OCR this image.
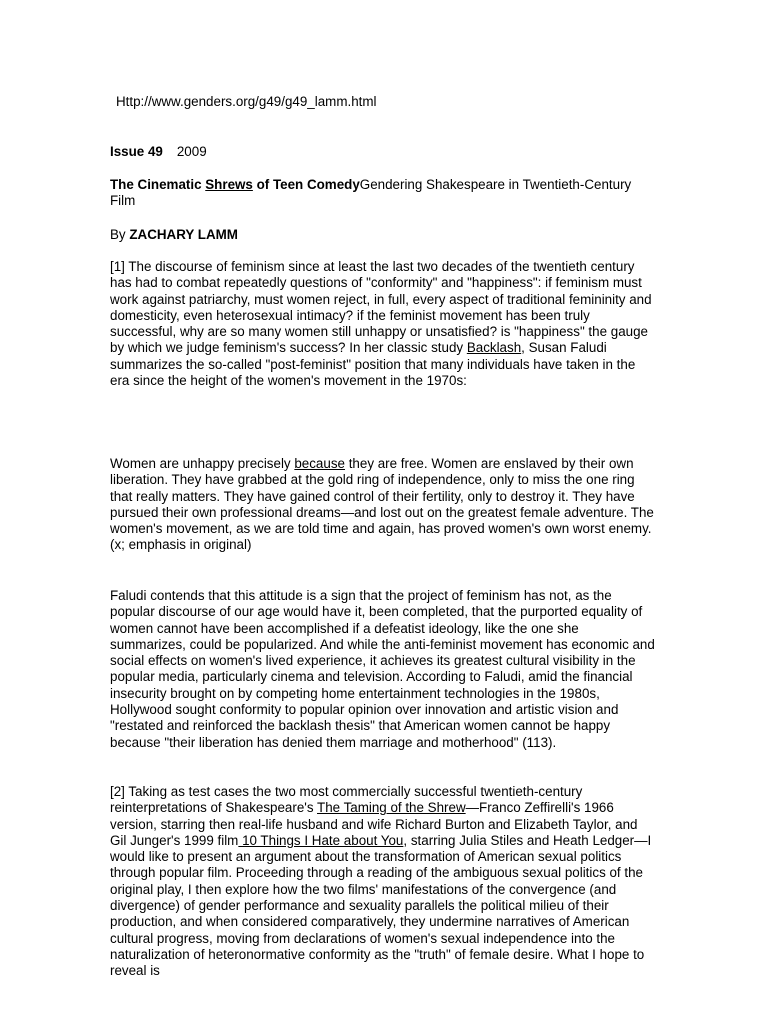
Http://www.genders.org/g49/g49_lamm.html

Issue 49 2009

The Cinematic Shrews of Teen ComedyGendering Shakespeare in Twentieth-Century Film

By ZACHARY LAMM

[1] The discourse of feminism since at least the last two decades of the twentieth century has had to combat repeatedly questions of "conformity" and "happiness": if feminism must work against patriarchy, must women reject, in full, every aspect of traditional femininity and domesticity, even heterosexual intimacy? if the feminist movement has been truly successful, why are so many women still unhappy or unsatisfied? is "happiness" the gauge by which we judge feminism's success? In her classic study Backlash, Susan Faludi summarizes the so-called "post-feminist" position that many individuals have taken in the era since the height of the women's movement in the 1970s:

Women are unhappy precisely because they are free. Women are enslaved by their own liberation. They have grabbed at the gold ring of independence, only to miss the one ring that really matters. They have gained control of their fertility, only to destroy it. They have pursued their own professional dreams—and lost out on the greatest female adventure. The women's movement, as we are told time and again, has proved women's own worst enemy. (x; emphasis in original)

Faludi contends that this attitude is a sign that the project of feminism has not, as the popular discourse of our age would have it, been completed, that the purported equality of women cannot have been accomplished if a defeatist ideology, like the one she summarizes, could be popularized. And while the anti-feminist movement has economic and social effects on women's lived experience, it achieves its greatest cultural visibility in the popular media, particularly cinema and television. According to Faludi, amid the financial insecurity brought on by competing home entertainment technologies in the 1980s, Hollywood sought conformity to popular opinion over innovation and artistic vision and "restated and reinforced the backlash thesis" that American women cannot be happy because "their liberation has denied them marriage and motherhood" (113).

[2] Taking as test cases the two most commercially successful twentieth-century reinterpretations of Shakespeare's The Taming of the Shrew—Franco Zeffirelli's 1966 version, starring then real-life husband and wife Richard Burton and Elizabeth Taylor, and Gil Junger's 1999 film 10 Things I Hate about You, starring Julia Stiles and Heath Ledger—I would like to present an argument about the transformation of American sexual politics through popular film. Proceeding through a reading of the ambiguous sexual politics of the original play, I then explore how the two films' manifestations of the convergence (and divergence) of gender performance and sexuality parallels the political milieu of their production, and when considered comparatively, they undermine narratives of American cultural progress, moving from declarations of women's sexual independence into the naturalization of heteronormative conformity as the "truth" of female desire. What I hope to reveal is
